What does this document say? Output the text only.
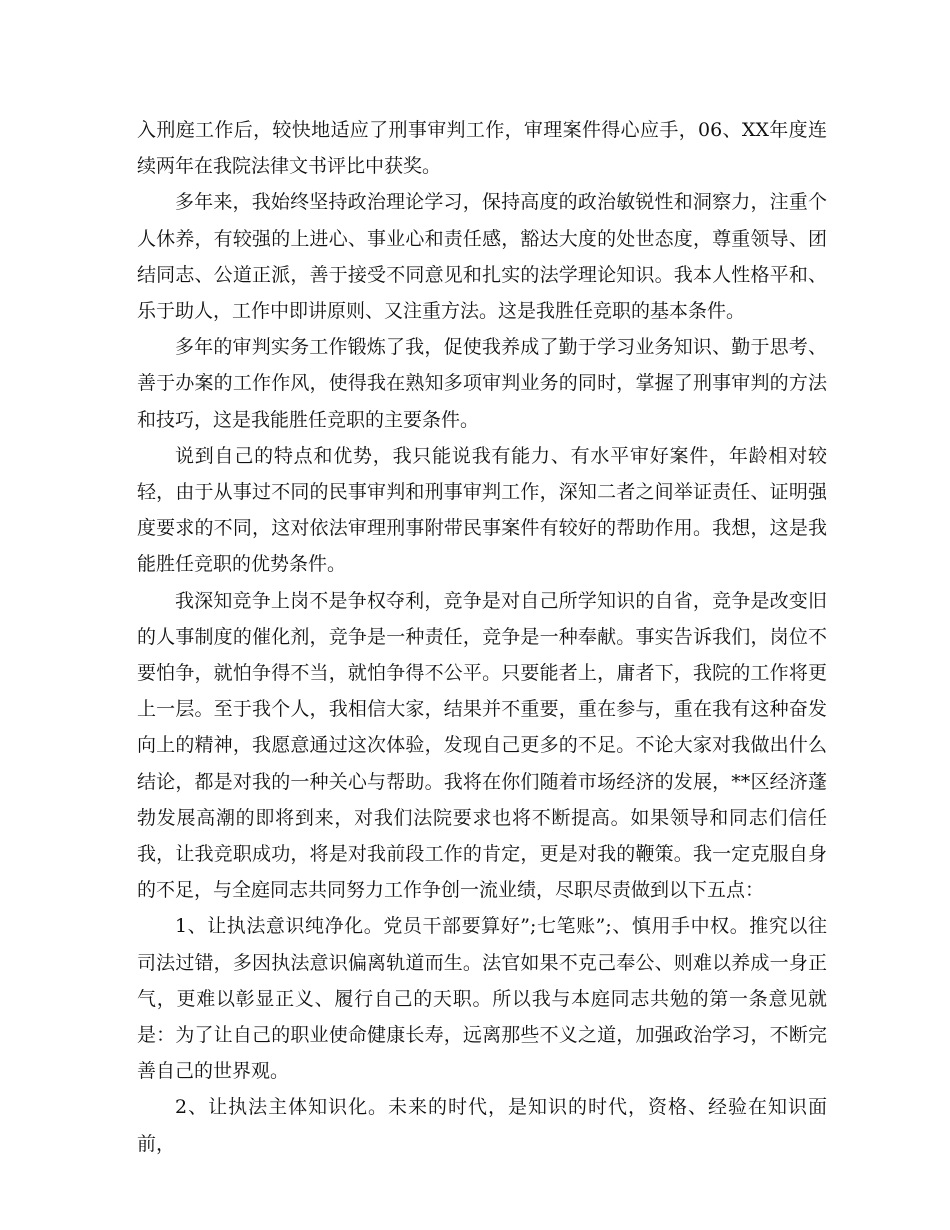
入刑庭工作后，较快地适应了刑事审判工作，审理案件得心应手，06、XX年度连续两年在我院法律文书评比中获奖。

多年来，我始终坚持政治理论学习，保持高度的政治敏锐性和洞察力，注重个人休养，有较强的上进心、事业心和责任感，豁达大度的处世态度，尊重领导、团结同志、公道正派，善于接受不同意见和扎实的法学理论知识。我本人性格平和、乐于助人，工作中即讲原则、又注重方法。这是我胜任竞职的基本条件。

多年的审判实务工作锻炼了我，促使我养成了勤于学习业务知识、勤于思考、善于办案的工作作风，使得我在熟知多项审判业务的同时，掌握了刑事审判的方法和技巧，这是我能胜任竞职的主要条件。

说到自己的特点和优势，我只能说我有能力、有水平审好案件，年龄相对较轻，由于从事过不同的民事审判和刑事审判工作，深知二者之间举证责任、证明强度要求的不同，这对依法审理刑事附带民事案件有较好的帮助作用。我想，这是我能胜任竞职的优势条件。

我深知竞争上岗不是争权夺利，竞争是对自己所学知识的自省，竞争是改变旧的人事制度的催化剂，竞争是一种责任，竞争是一种奉献。事实告诉我们，岗位不要怕争，就怕争得不当，就怕争得不公平。只要能者上，庸者下，我院的工作将更上一层。至于我个人，我相信大家，结果并不重要，重在参与，重在我有这种奋发向上的精神，我愿意通过这次体验，发现自己更多的不足。不论大家对我做出什么结论，都是对我的一种关心与帮助。我将在你们随着市场经济的发展，**区经济蓬勃发展高潮的即将到来，对我们法院要求也将不断提高。如果领导和同志们信任我，让我竞职成功，将是对我前段工作的肯定，更是对我的鞭策。我一定克服自身的不足，与全庭同志共同努力工作争创一流业绩，尽职尽责做到以下五点：

1、让执法意识纯净化。党员干部要算好”;七笔账”;、慎用手中权。推究以往司法过错，多因执法意识偏离轨道而生。法官如果不克己奉公、则难以养成一身正气，更难以彰显正义、履行自己的天职。所以我与本庭同志共勉的第一条意见就是：为了让自己的职业使命健康长寿，远离那些不义之道，加强政治学习，不断完善自己的世界观。

2、让执法主体知识化。未来的时代，是知识的时代，资格、经验在知识面前，
